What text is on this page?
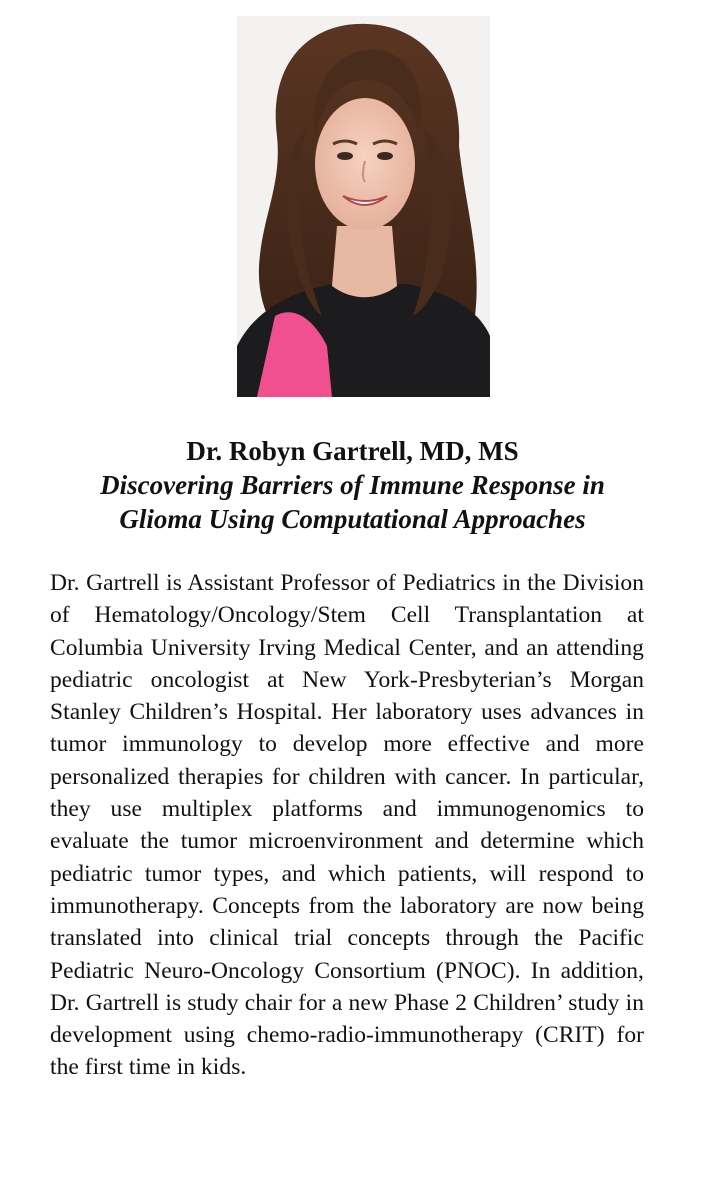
Dr. Robyn Gartrell, MD, MS

Discovering Barriers of Immune Response in

Glioma Using Computational Approaches

Dr. Gartrell is Assistant Professor of Pediatrics in the Division of Hematology/Oncology/Stem Cell Transplantation at Columbia University Irving Medical Center, and an attending pediatric oncologist at New York-Presbyterian’s Morgan Stanley Children’s Hospital. Her laboratory uses advances in tumor immunology to develop more effective and more personalized therapies for children with cancer. In particular, they use multiplex platforms and immunogenomics to evaluate the tumor microenvironment and determine which pediatric tumor types, and which patients, will respond to immunotherapy. Concepts from the laboratory are now being translated into clinical trial concepts through the Pacific Pediatric Neuro-Oncology Consortium (PNOC). In addition, Dr. Gartrell is study chair for a new Phase 2 Children’ study in development using chemo-radio-immunotherapy (CRIT) for the first time in kids.
